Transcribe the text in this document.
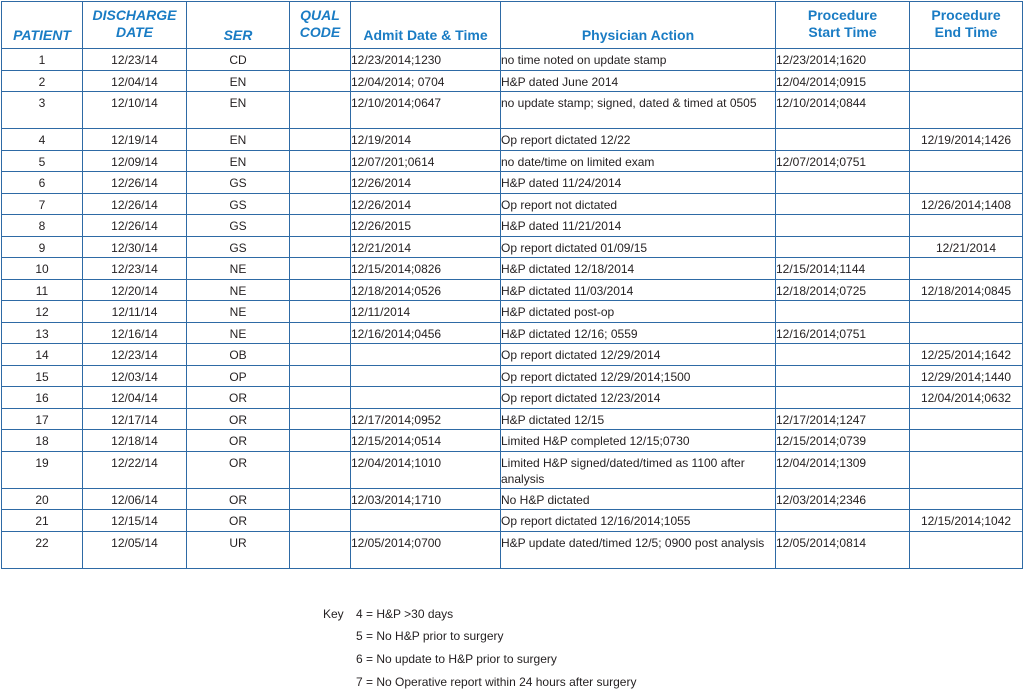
PATIENT	DISCHARGE
DATE	SER	QUAL
CODE	Admit Date & Time	Physician Action	Procedure
Start Time	Procedure
End Time

1	12/23/14	CD		12/23/2014;1230	no time noted on update stamp	12/23/2014;1620	
2	12/04/14	EN		12/04/2014; 0704	H&P dated June 2014	12/04/2014;0915	
3	12/10/14	EN		12/10/2014;0647	no update stamp; signed, dated & timed at 0505	12/10/2014;0844	
4	12/19/14	EN		12/19/2014	Op report dictated 12/22		12/19/2014;1426
5	12/09/14	EN		12/07/201;0614	no date/time on limited exam	12/07/2014;0751	
6	12/26/14	GS		12/26/2014	H&P dated 11/24/2014		
7	12/26/14	GS		12/26/2014	Op report not dictated		12/26/2014;1408
8	12/26/14	GS		12/26/2015	H&P dated 11/21/2014		
9	12/30/14	GS		12/21/2014	Op report dictated 01/09/15		12/21/2014
10	12/23/14	NE		12/15/2014;0826	H&P dictated 12/18/2014	12/15/2014;1144	
11	12/20/14	NE		12/18/2014;0526	H&P dictated 11/03/2014	12/18/2014;0725	12/18/2014;0845
12	12/11/14	NE		12/11/2014	H&P dictated post-op		
13	12/16/14	NE		12/16/2014;0456	H&P dictated 12/16; 0559	12/16/2014;0751	
14	12/23/14	OB			Op report dictated 12/29/2014		12/25/2014;1642
15	12/03/14	OP			Op report dictated 12/29/2014;1500		12/29/2014;1440
16	12/04/14	OR			Op report dictated 12/23/2014		12/04/2014;0632
17	12/17/14	OR		12/17/2014;0952	H&P dictated 12/15	12/17/2014;1247	
18	12/18/14	OR		12/15/2014;0514	Limited H&P completed 12/15;0730	12/15/2014;0739	
19	12/22/14	OR		12/04/2014;1010	Limited H&P signed/dated/timed as 1100 after analysis	12/04/2014;1309	
20	12/06/14	OR		12/03/2014;1710	No H&P dictated	12/03/2014;2346	
21	12/15/14	OR			Op report dictated 12/16/2014;1055		12/15/2014;1042
22	12/05/14	UR		12/05/2014;0700	H&P update dated/timed 12/5; 0900 post analysis	12/05/2014;0814	
Key 4 = H&P >30 days
5 = No H&P prior to surgery
6 = No update to H&P prior to surgery
7 = No Operative report within 24 hours after surgery
